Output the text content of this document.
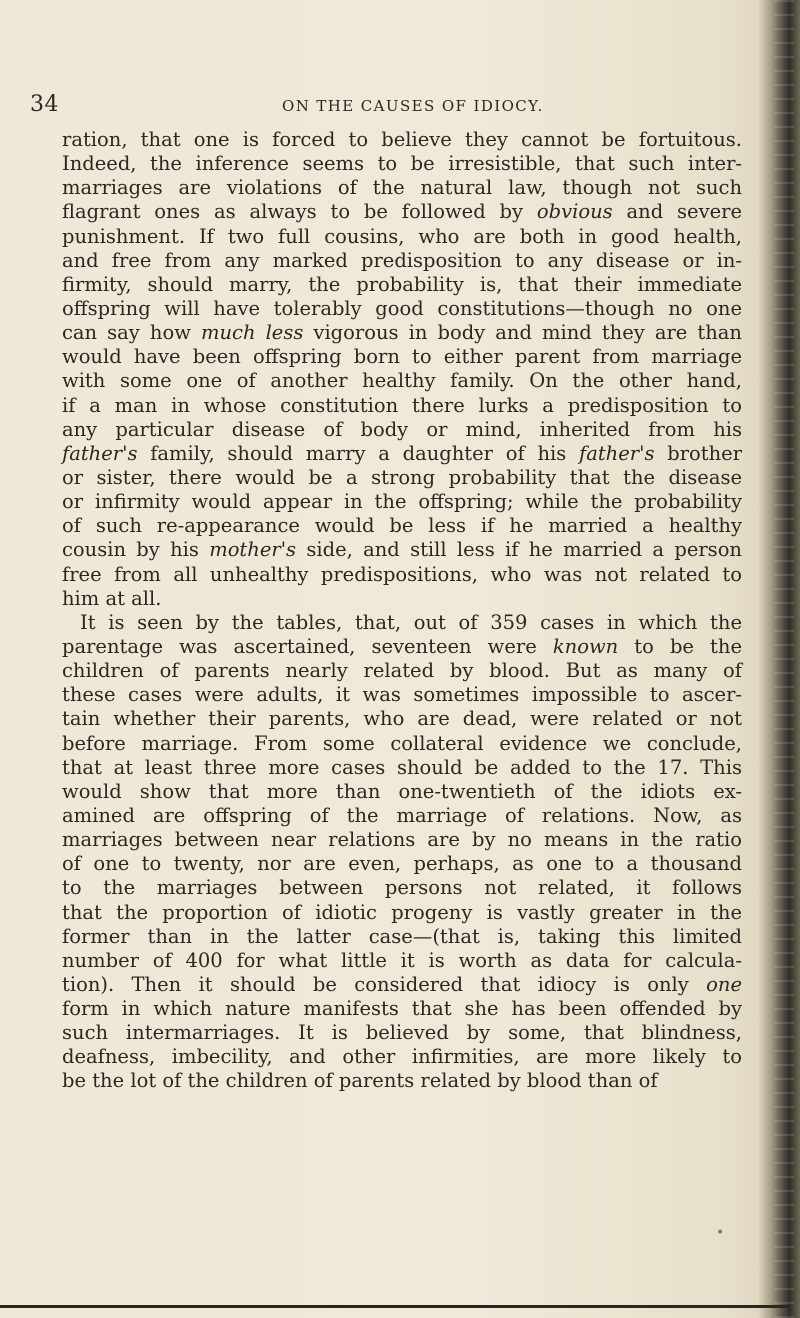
34	ON THE CAUSES OF IDIOCY.
ration, that one is forced to believe they cannot be fortuitous.
Indeed, the inference seems to be irresistible, that such inter-
marriages are violations of the natural law, though not such
flagrant ones as always to be followed by obvious and severe
punishment. If two full cousins, who are both in good health,
and free from any marked predisposition to any disease or in-
firmity, should marry, the probability is, that their immediate
offspring will have tolerably good constitutions—though no one
can say how much less vigorous in body and mind they are than
would have been offspring born to either parent from marriage
with some one of another healthy family. On the other hand,
if a man in whose constitution there lurks a predisposition to
any particular disease of body or mind, inherited from his
father's family, should marry a daughter of his father's brother
or sister, there would be a strong probability that the disease
or infirmity would appear in the offspring; while the probability
of such re-appearance would be less if he married a healthy
cousin by his mother's side, and still less if he married a person
free from all unhealthy predispositions, who was not related to
him at all.
It is seen by the tables, that, out of 359 cases in which the
parentage was ascertained, seventeen were known to be the
children of parents nearly related by blood. But as many of
these cases were adults, it was sometimes impossible to ascer-
tain whether their parents, who are dead, were related or not
before marriage. From some collateral evidence we conclude,
that at least three more cases should be added to the 17. This
would show that more than one-twentieth of the idiots ex-
amined are offspring of the marriage of relations. Now, as
marriages between near relations are by no means in the ratio
of one to twenty, nor are even, perhaps, as one to a thousand
to the marriages between persons not related, it follows
that the proportion of idiotic progeny is vastly greater in the
former than in the latter case—(that is, taking this limited
number of 400 for what little it is worth as data for calcula-
tion). Then it should be considered that idiocy is only one
form in which nature manifests that she has been offended by
such intermarriages. It is believed by some, that blindness,
deafness, imbecility, and other infirmities, are more likely to
be the lot of the children of parents related by blood than of
•
